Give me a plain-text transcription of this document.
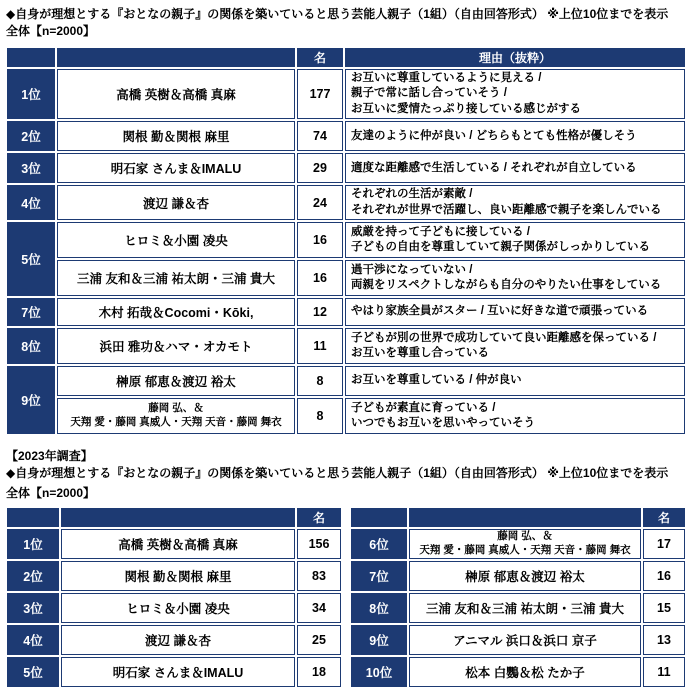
◆自身が理想とする『おとなの親子』の関係を築いていると思う芸能人親子（1組）（自由回答形式） ※上位10位までを表示
全体【n=2000】
		名	理由（抜粋）
1位	高橋 英樹＆高橋 真麻	177	お互いに尊重しているように見える /
親子で常に話し合っていそう /
お互いに愛情たっぷり接している感じがする

2位	関根 勤＆関根 麻里	74	友達のように仲が良い / どちらもとても性格が優しそう

3位	明石家 さんま＆IMALU	29	適度な距離感で生活している / それぞれが自立している

4位	渡辺 謙＆杏	24	それぞれの生活が素敵 /
それぞれが世界で活躍し、良い距離感で親子を楽しんでいる

5位	ヒロミ＆小園 凌央	16	威厳を持って子どもに接している /
子どもの自由を尊重していて親子関係がしっかりしている

	三浦 友和＆三浦 祐太朗・三浦 貴大	16	過干渉になっていない /
両親をリスペクトしながらも自分のやりたい仕事をしている

7位	木村 拓哉＆Cocomi・Kōki,	12	やはり家族全員がスター / 互いに好きな道で頑張っている

8位	浜田 雅功＆ハマ・オカモト	11	子どもが別の世界で成功していて良い距離感を保っている /
お互いを尊重し合っている

9位	榊原 郁恵＆渡辺 裕太	8	お互いを尊重している / 仲が良い

藤岡 弘、＆
天翔 愛・藤岡 真威人・天翔 天音・藤岡 舞衣	8	
子どもが素直に育っている /
いつでもお互いを思いやっていそう
【2023年調査】
◆自身が理想とする『おとなの親子』の関係を築いていると思う芸能人親子（1組）（自由回答形式） ※上位10位までを表示
全体【n=2000】
		名
1位	高橋 英樹＆高橋 真麻	156
2位	関根 勤＆関根 麻里	83
3位	ヒロミ＆小園 凌央	34
4位	渡辺 謙＆杏	25
5位	明石家 さんま＆IMALU	18
		名
6位	藤岡 弘、＆
天翔 愛・藤岡 真威人・天翔 天音・藤岡 舞衣	17
7位	榊原 郁恵＆渡辺 裕太	16
8位	三浦 友和＆三浦 祐太朗・三浦 貴大	15
9位	アニマル 浜口＆浜口 京子	13
10位	松本 白鸚＆松 たか子	11
